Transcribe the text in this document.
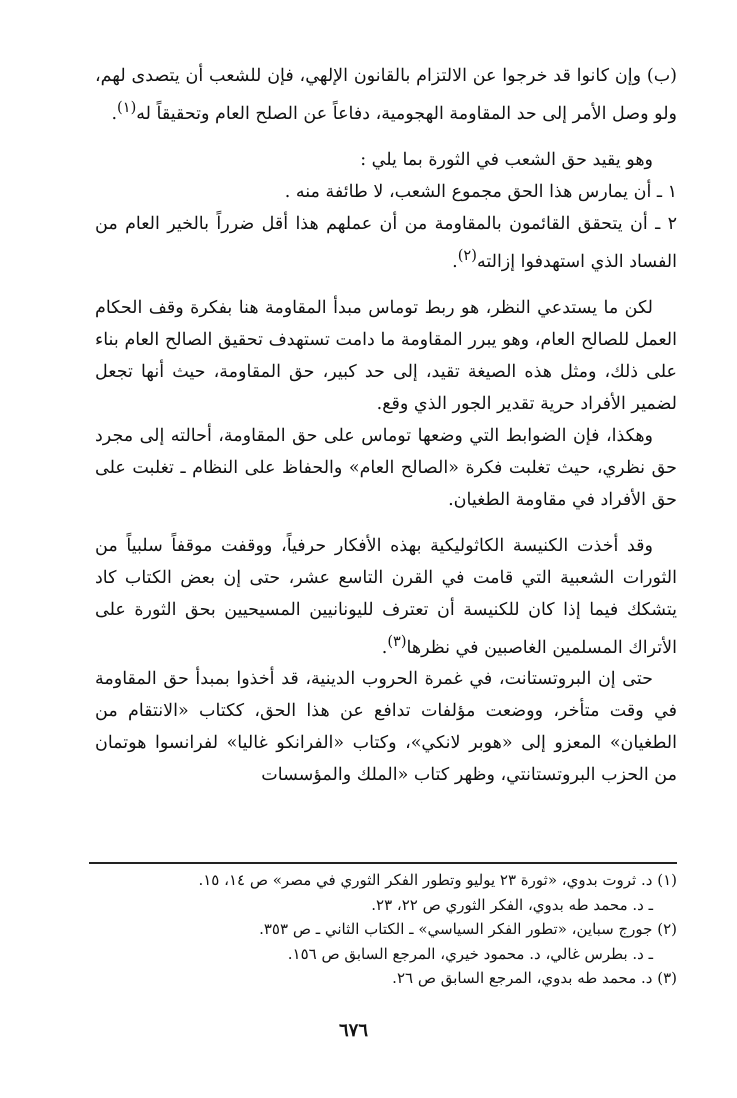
(ب) وإن كانوا قد خرجوا عن الالتزام بالقانون الإلهي، فإن للشعب أن يتصدى لهم، ولو وصل الأمر إلى حد المقاومة الهجومية، دفاعاً عن الصلح العام وتحقيقاً له$^{(١)}$.

وهو يقيد حق الشعب في الثورة بما يلي :

١ ـ أن يمارس هذا الحق مجموع الشعب، لا طائفة منه .

٢ ـ أن يتحقق القائمون بالمقاومة من أن عملهم هذا أقل ضرراً بالخير العام من الفساد الذي استهدفوا إزالته$^{(٢)}$.

لكن ما يستدعي النظر، هو ربط توماس مبدأ المقاومة هنا بفكرة وقف الحكام العمل للصالح العام، وهو يبرر المقاومة ما دامت تستهدف تحقيق الصالح العام بناء على ذلك، ومثل هذه الصيغة تقيد، إلى حد كبير، حق المقاومة، حيث أنها تجعل لضمير الأفراد حرية تقدير الجور الذي وقع.

وهكذا، فإن الضوابط التي وضعها توماس على حق المقاومة، أحالته إلى مجرد حق نظري، حيث تغلبت فكرة «الصالح العام» والحفاظ على النظام ـ تغلبت على حق الأفراد في مقاومة الطغيان.

وقد أخذت الكنيسة الكاثوليكية بهذه الأفكار حرفياً، ووقفت موقفاً سلبياً من الثورات الشعبية التي قامت في القرن التاسع عشر، حتى إن بعض الكتاب كاد يتشكك فيما إذا كان للكنيسة أن تعترف لليونانيين المسيحيين بحق الثورة على الأتراك المسلمين الغاصبين في نظرها$^{(٣)}$.

حتى إن البروتستانت، في غمرة الحروب الدينية، قد أخذوا بمبدأ حق المقاومة في وقت متأخر، ووضعت مؤلفات تدافع عن هذا الحق، ككتاب «الانتقام من الطغيان» المعزو إلى «هوبر لانكي»، وكتاب «الفرانكو غاليا» لفرانسوا هوتمان من الحزب البروتستانتي، وظهر كتاب «الملك والمؤسسات

(١) د. ثروت بدوي، «ثورة ٢٣ يوليو وتطور الفكر الثوري في مصر» ص ١٤، ١٥.

ـ د. محمد طه بدوي، الفكر الثوري ص ٢٢، ٢٣.

(٢) جورج سباين، «تطور الفكر السياسي» ـ الكتاب الثاني ـ ص ٣٥٣.

ـ د. بطرس غالي، د. محمود خيري، المرجع السابق ص ١٥٦.

(٣) د. محمد طه بدوي، المرجع السابق ص ٢٦.

٦٧٦
